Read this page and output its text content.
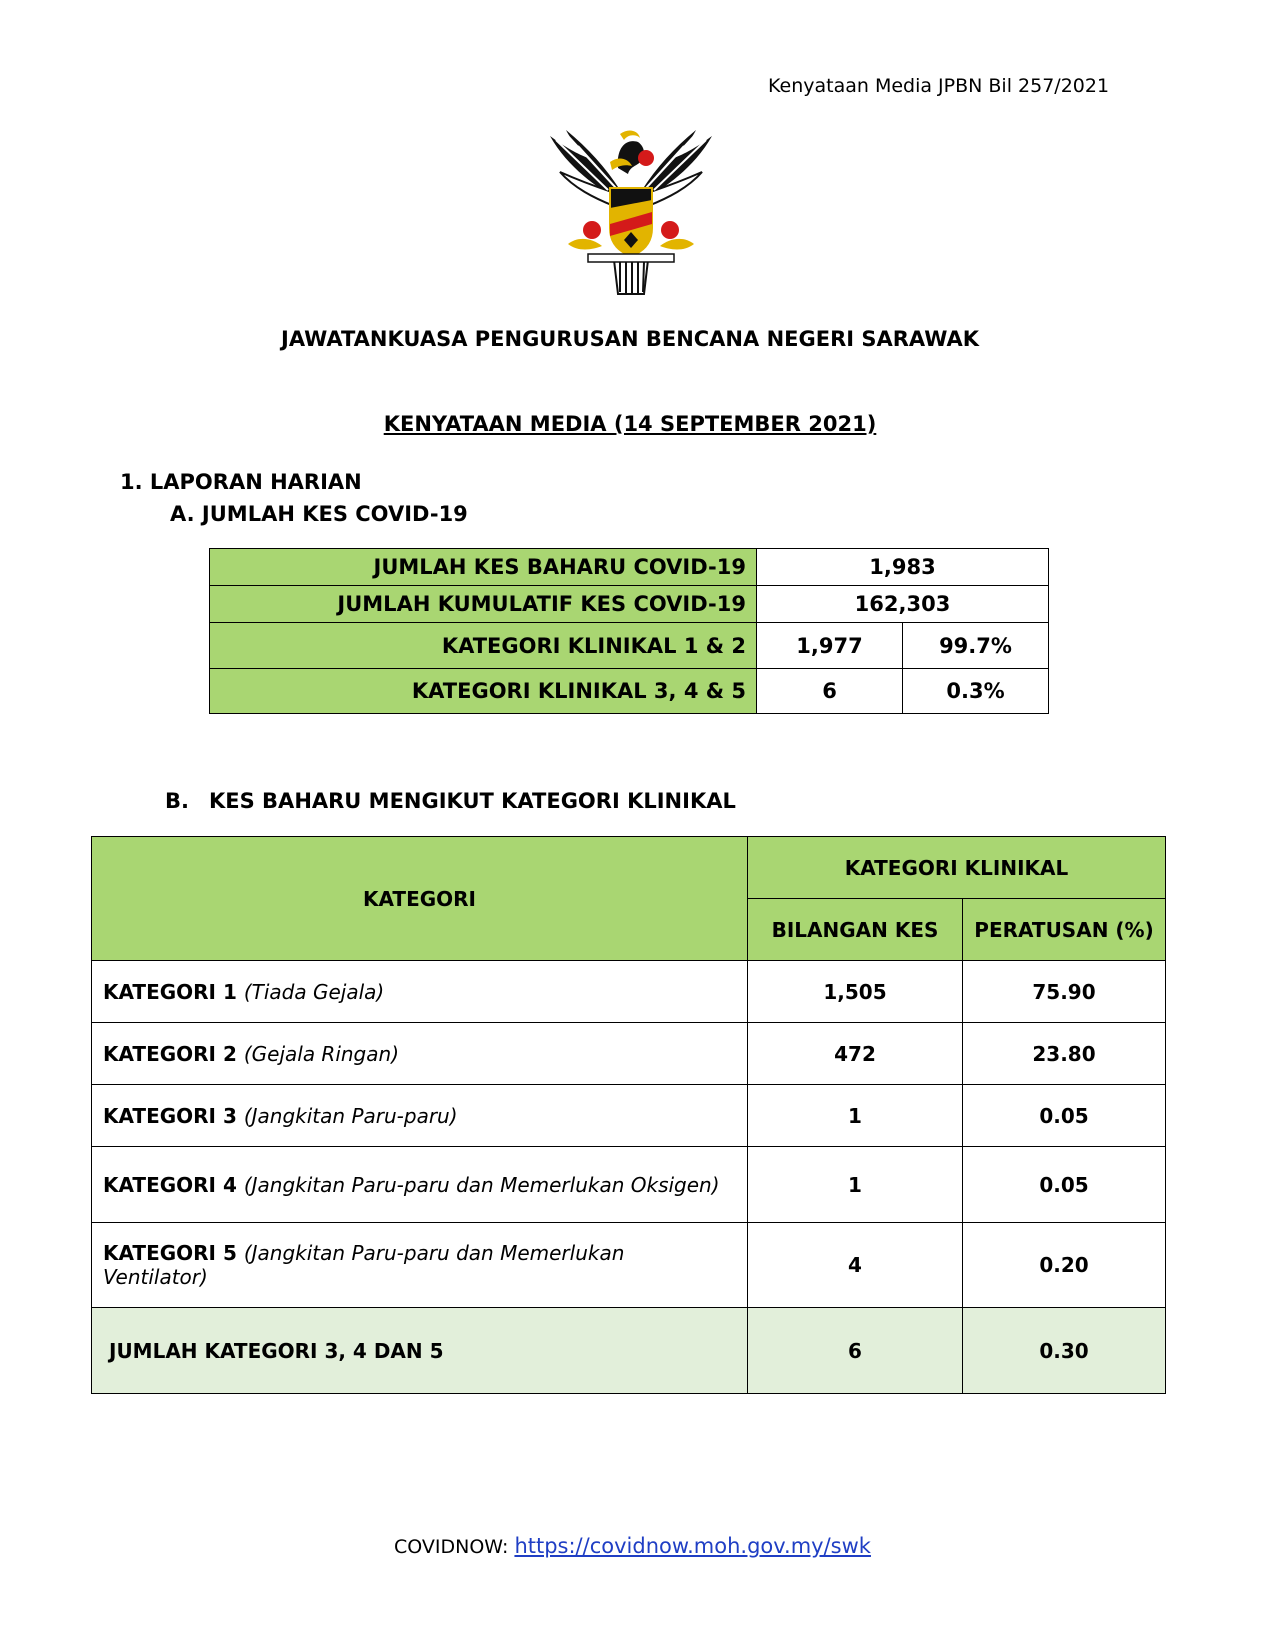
Kenyataan Media JPBN Bil 257/2021
JAWATANKUASA PENGURUSAN BENCANA NEGERI SARAWAK
KENYATAAN MEDIA (14 SEPTEMBER 2021)
1. LAPORAN HARIAN
A. JUMLAH KES COVID-19
JUMLAH KES BAHARU COVID-19	1,983	
JUMLAH KUMULATIF KES COVID-19	162,303	
KATEGORI KLINIKAL 1 & 2	1,977	99.7%
KATEGORI KLINIKAL 3, 4 & 5	6	0.3%
B. KES BAHARU MENGIKUT KATEGORI KLINIKAL
KATEGORI	KATEGORI KLINIKAL	
	BILANGAN KES	PERATUSAN (%)
KATEGORI 1 (Tiada Gejala)	1,505	75.90
KATEGORI 2 (Gejala Ringan)	472	23.80
KATEGORI 3 (Jangkitan Paru-paru)	1	0.05
KATEGORI 4 (Jangkitan Paru-paru dan Memerlukan Oksigen)	1	0.05
KATEGORI 5 (Jangkitan Paru-paru dan Memerlukan Ventilator)	4	0.20
JUMLAH KATEGORI 3, 4 DAN 5	6	0.30
COVIDNOW: https://covidnow.moh.gov.my/swk
